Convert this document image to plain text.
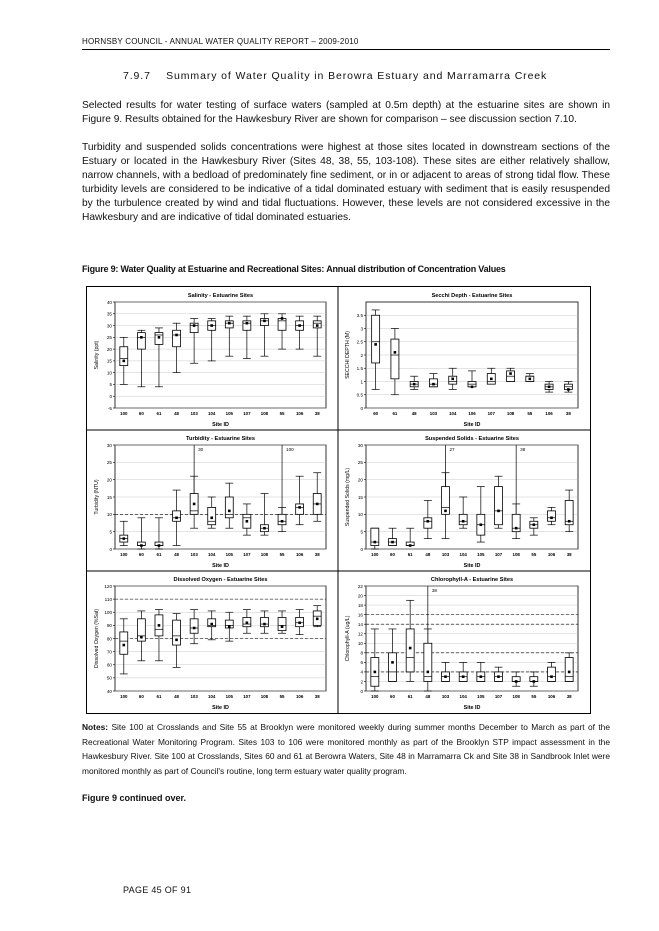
HORNSBY COUNCIL - ANNUAL WATER QUALITY REPORT – 2009-2010
7.9.7 Summary of Water Quality in Berowra Estuary and Marramarra Creek
Selected results for water testing of surface waters (sampled at 0.5m depth) at the estuarine sites are shown in Figure 9. Results obtained for the Hawkesbury River are shown for comparison – see discussion section 7.10.
Turbidity and suspended solids concentrations were highest at those sites located in downstream sections of the Estuary or located in the Hawkesbury River (Sites 48, 38, 55, 103-108). These sites are either relatively shallow, narrow channels, with a bedload of predominately fine sediment, or in or adjacent to areas of strong tidal flow. These turbidity levels are considered to be indicative of a tidal dominated estuary with sediment that is easily resuspended by the turbulence created by wind and tidal fluctuations. However, these levels are not considered excessive in the Hawkesbury and are indicative of tidal dominated estuaries.
Figure 9: Water Quality at Estuarine and Recreational Sites: Annual distribution of Concentration Values
Salinity - Estuarine Sites
-5
0
5
10
15
20
25
30
35
40
Salinity (ppt)
Site ID
100	60	61	48	103 104 105 107 108	55	106	38
Secchi Depth - Estuarine Sites
0
0.5
1
1.5
2
2.5
3
3.5
SECCHI DEPTH (M)
Site ID
60	61	48	103	104	106	107	108	55	106	38
Turbidity - Estuarine Sites
0
5
10
15
20
25
30
Turbidity (NTU)
Site ID
100	60	61	48	103 104 105 107 108	55	106	38
30	100
Suspended Solids - Estuarine Sites
0
5
10
15
20
25
30
Suspended Solids (mg/L)
Site ID
100	60	61	48	103 104 105 107 108	55	106	38
27	38
Dissolved Oxygen - Estuarine Sites
40
50
60
70
80
90
100
110
120
Dissolved Oxygen (%Sat)
Site ID
100	60	61	48	103 104 105 107 108	55	106	38
Chlorophyll-A - Estuarine Sites
0
2
4
6
8
10
12
14
16
18
20
22
Chlorophyll-A (ug/L)
Site ID
100	60	61	48	103 104 105 107 108	55	106	38
38
Notes: Site 100 at Crosslands and Site 55 at Brooklyn were monitored weekly during summer months December to March as part of the Recreational Water Monitoring Program. Sites 103 to 106 were monitored monthly as part of the Brooklyn STP impact assessment in the Hawkesbury River. Site 100 at Crosslands, Sites 60 and 61 at Berowra Waters, Site 48 in Marramarra Ck and Site 38 in Sandbrook Inlet were monitored monthly as part of Council's routine, long term estuary water quality program.
Figure 9 continued over.
PAGE 45 OF 91
